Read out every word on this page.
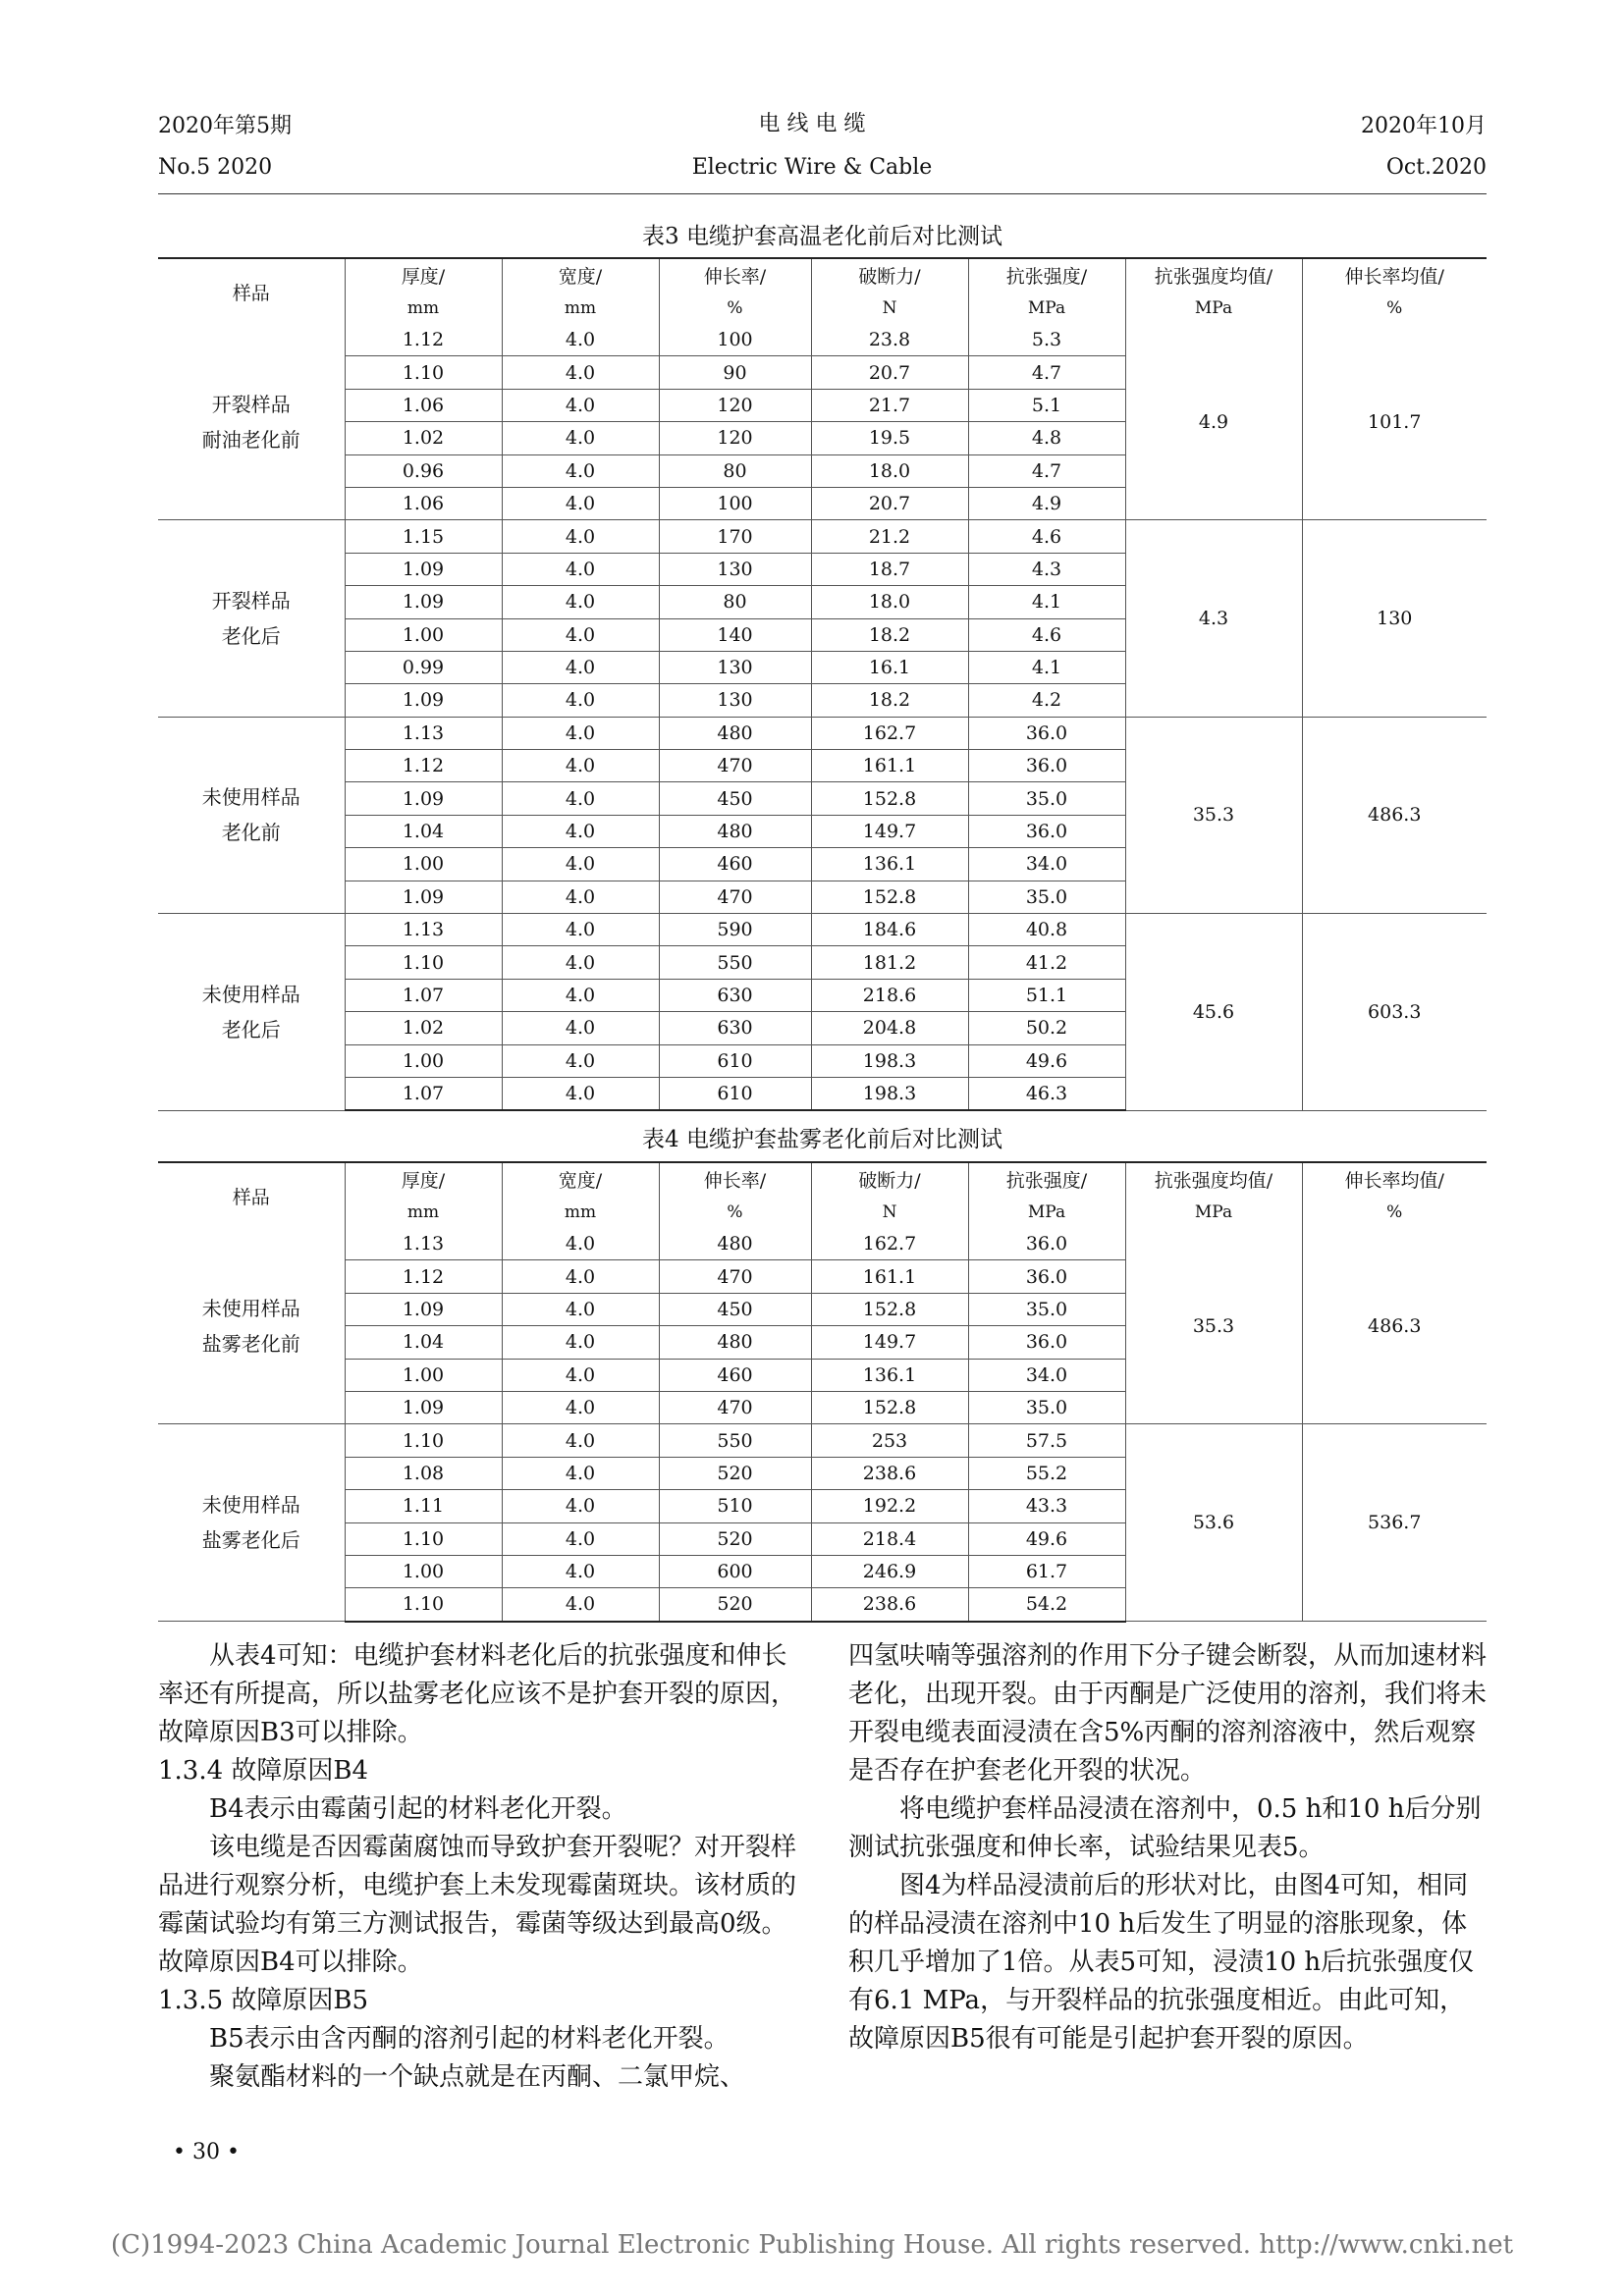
2020年第5期
No.5 2020
电 线 电 缆
Electric Wire & Cable
2020年10月
Oct.2020
表3 电缆护套高温老化前后对比测试
样品	厚度/	宽度/	伸长率/	破断力/	抗张强度/	抗张强度均值/	伸长率均值/
	mm	mm	%	N	MPa	MPa	%

开裂样品
耐油老化前	1.12	4.0	100	23.8	5.3	4.9	101.7
	1.10	4.0	90	20.7	4.7		
	1.06	4.0	120	21.7	5.1		
	1.02	4.0	120	19.5	4.8		
	0.96	4.0	80	18.0	4.7		
	1.06	4.0	100	20.7	4.9		

开裂样品
老化后	1.15	4.0	170	21.2	4.6	4.3	130
	1.09	4.0	130	18.7	4.3		
	1.09	4.0	80	18.0	4.1		
	1.00	4.0	140	18.2	4.6		
	0.99	4.0	130	16.1	4.1		
	1.09	4.0	130	18.2	4.2		

未使用样品
老化前	1.13	4.0	480	162.7	36.0	35.3	486.3
	1.12	4.0	470	161.1	36.0		
	1.09	4.0	450	152.8	35.0		
	1.04	4.0	480	149.7	36.0		
	1.00	4.0	460	136.1	34.0		
	1.09	4.0	470	152.8	35.0		

未使用样品
老化后	1.13	4.0	590	184.6	40.8	45.6	603.3
	1.10	4.0	550	181.2	41.2		
	1.07	4.0	630	218.6	51.1		
	1.02	4.0	630	204.8	50.2		
	1.00	4.0	610	198.3	49.6		
	1.07	4.0	610	198.3	46.3		
表4 电缆护套盐雾老化前后对比测试
样品	厚度/	宽度/	伸长率/	破断力/	抗张强度/	抗张强度均值/	伸长率均值/
	mm	mm	%	N	MPa	MPa	%

未使用样品
盐雾老化前	1.13	4.0	480	162.7	36.0	35.3	486.3
	1.12	4.0	470	161.1	36.0		
	1.09	4.0	450	152.8	35.0		
	1.04	4.0	480	149.7	36.0		
	1.00	4.0	460	136.1	34.0		
	1.09	4.0	470	152.8	35.0		

未使用样品
盐雾老化后	1.10	4.0	550	253	57.5	53.6	536.7
	1.08	4.0	520	238.6	55.2		
	1.11	4.0	510	192.2	43.3		
	1.10	4.0	520	218.4	49.6		
	1.00	4.0	600	246.9	61.7		
	1.10	4.0	520	238.6	54.2		

从表4可知：电缆护套材料老化后的抗张强度和伸长率还有所提高，所以盐雾老化应该不是护套开裂的原因，故障原因B3可以排除。

1.3.4 故障原因B4

B4表示由霉菌引起的材料老化开裂。

该电缆是否因霉菌腐蚀而导致护套开裂呢？对开裂样品进行观察分析，电缆护套上未发现霉菌斑块。该材质的霉菌试验均有第三方测试报告，霉菌等级达到最高0级。故障原因B4可以排除。

1.3.5 故障原因B5

B5表示由含丙酮的溶剂引起的材料老化开裂。

聚氨酯材料的一个缺点就是在丙酮、二氯甲烷、

四氢呋喃等强溶剂的作用下分子键会断裂，从而加速材料老化，出现开裂。由于丙酮是广泛使用的溶剂，我们将未开裂电缆表面浸渍在含5%丙酮的溶剂溶液中，然后观察是否存在护套老化开裂的状况。

将电缆护套样品浸渍在溶剂中，0.5 h和10 h后分别测试抗张强度和伸长率，试验结果见表5。

图4为样品浸渍前后的形状对比，由图4可知，相同的样品浸渍在溶剂中10 h后发生了明显的溶胀现象，体积几乎增加了1倍。从表5可知，浸渍10 h后抗张强度仅有6.1 MPa，与开裂样品的抗张强度相近。由此可知，故障原因B5很有可能是引起护套开裂的原因。

• 30 •
(C)1994-2023 China Academic Journal Electronic Publishing House. All rights reserved. http://www.cnki.net
